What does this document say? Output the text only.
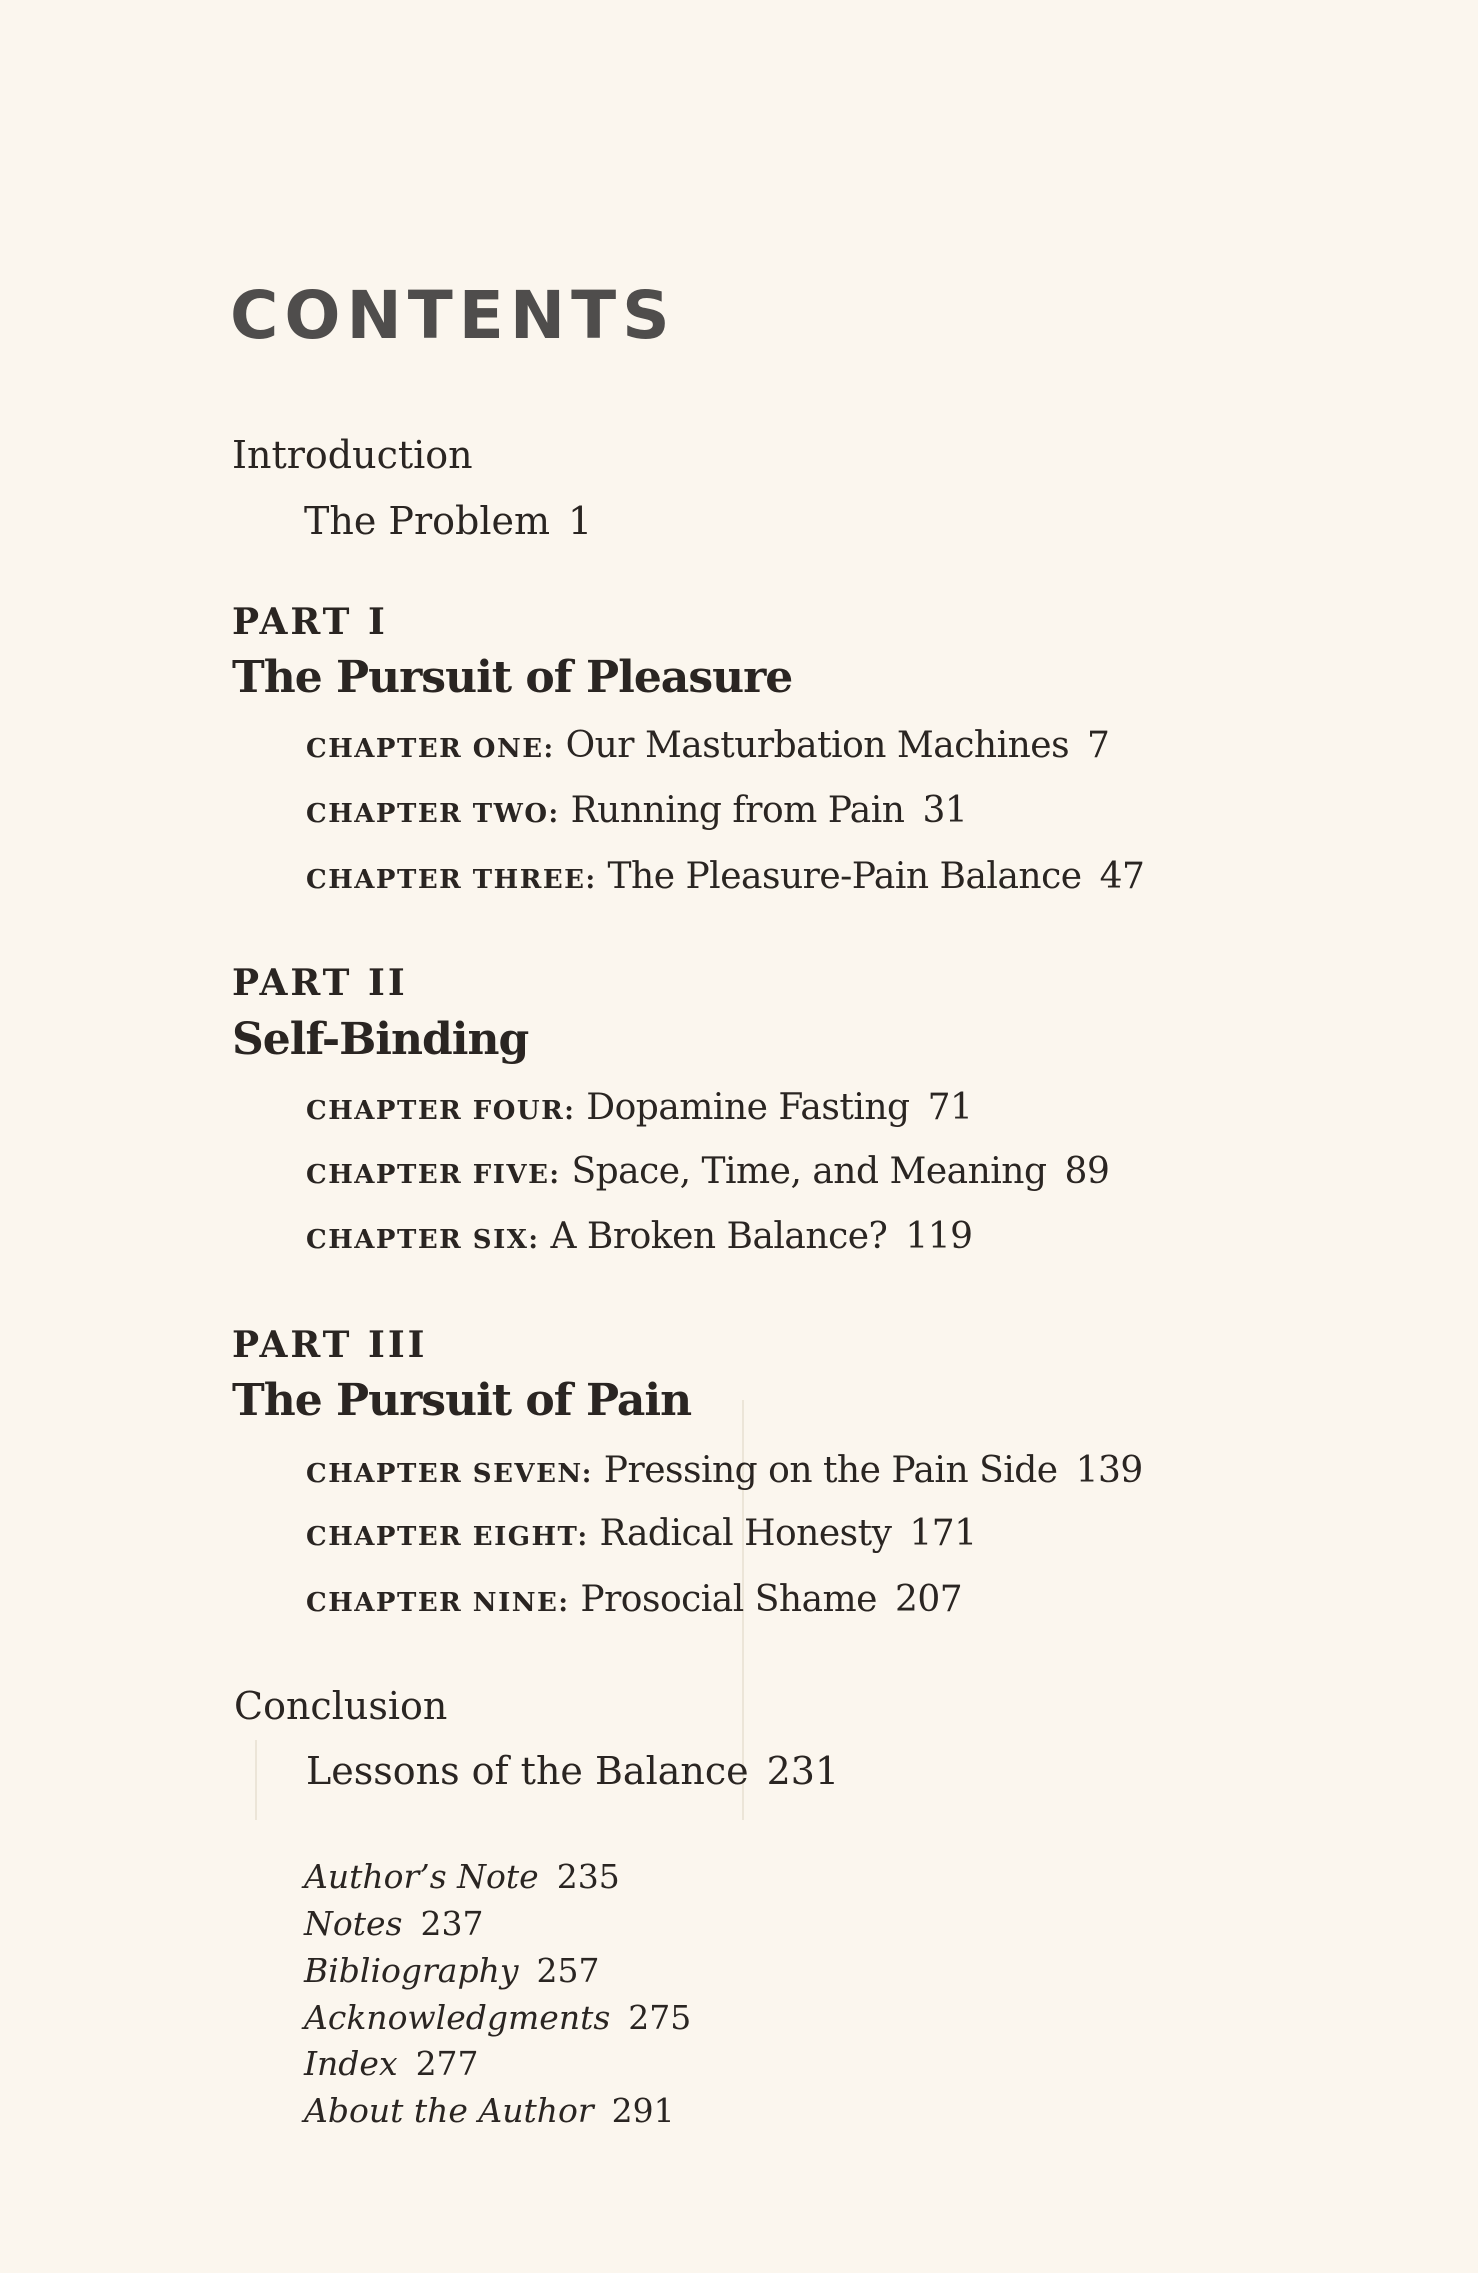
CONTENTS
Introduction
The Problem 1
PART I
The Pursuit of Pleasure
CHAPTER ONE: Our Masturbation Machines 7
CHAPTER TWO: Running from Pain 31
CHAPTER THREE: The Pleasure-Pain Balance 47
PART II
Self-Binding
CHAPTER FOUR: Dopamine Fasting 71
CHAPTER FIVE: Space, Time, and Meaning 89
CHAPTER SIX: A Broken Balance? 119
PART III
The Pursuit of Pain
CHAPTER SEVEN: Pressing on the Pain Side 139
CHAPTER EIGHT: Radical Honesty 171
CHAPTER NINE: Prosocial Shame 207
Conclusion
Lessons of the Balance 231
Author’s Note 235
Notes 237
Bibliography 257
Acknowledgments 275
Index 277
About the Author 291
